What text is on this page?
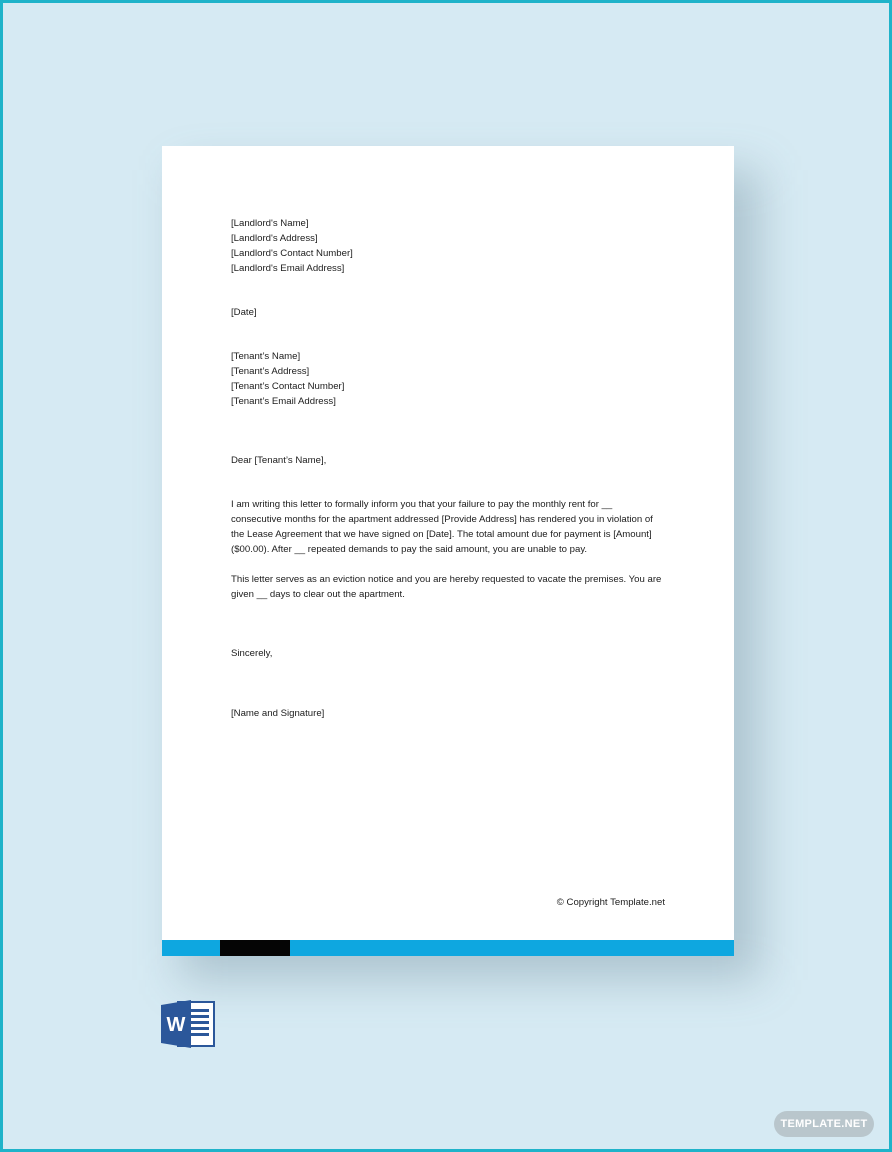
[Landlord's Name]
[Landlord's Address]
[Landlord's Contact Number]
[Landlord's Email Address]
[Date]
[Tenant’s Name]
[Tenant’s Address]
[Tenant’s Contact Number]
[Tenant’s Email Address]
Dear [Tenant’s Name],
I am writing this letter to formally inform you that your failure to pay the monthly rent for __
consecutive months for the apartment addressed [Provide Address] has rendered you in violation of
the Lease Agreement that we have signed on [Date]. The total amount due for payment is [Amount]
($00.00). After __ repeated demands to pay the said amount, you are unable to pay.
This letter serves as an eviction notice and you are hereby requested to vacate the premises. You are
given __ days to clear out the apartment.
Sincerely,
[Name and Signature]
© Copyright Template.net
W
TEMPLATE.NET
